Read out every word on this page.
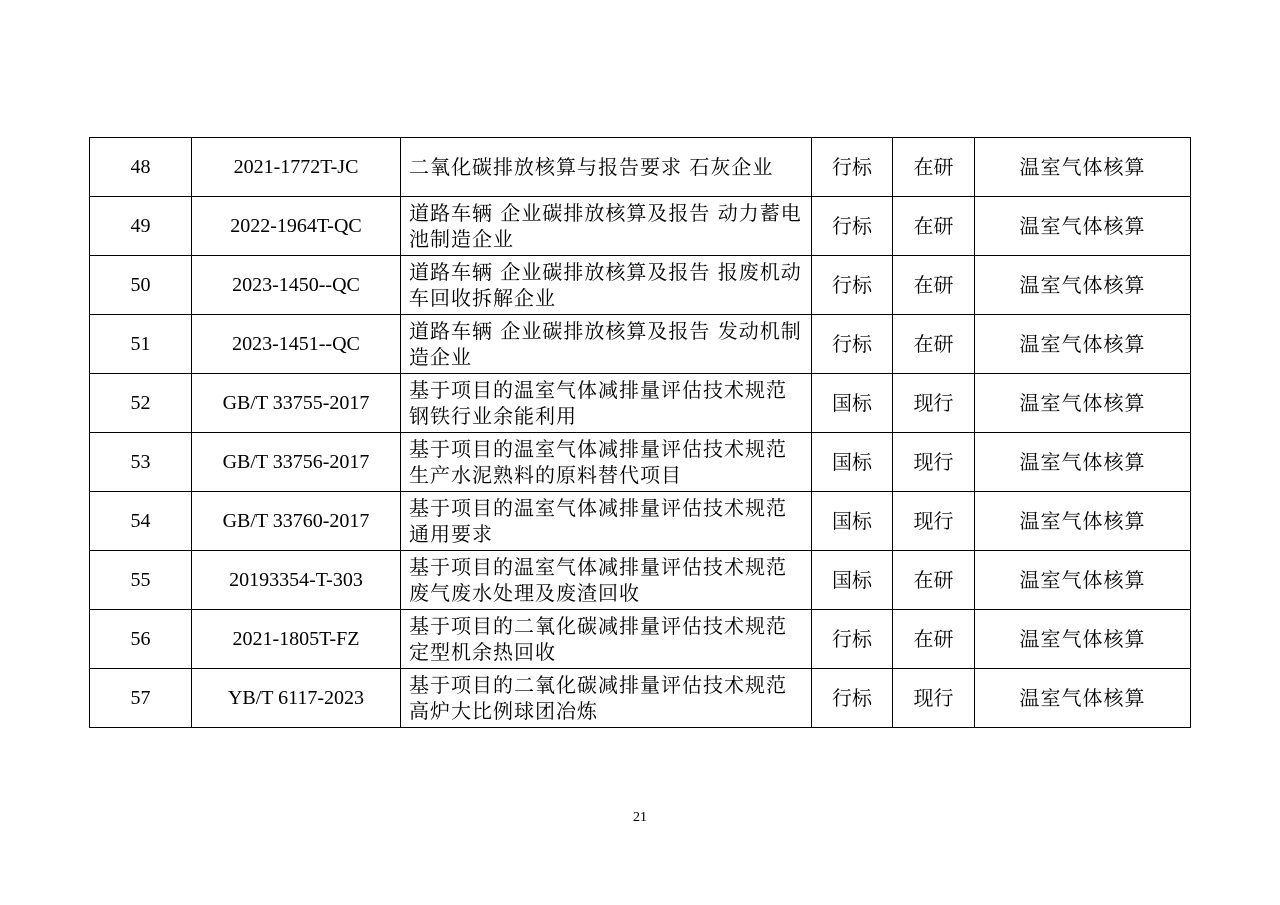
48	2021-1772T-JC	二氧化碳排放核算与报告要求 石灰企业	行标	在研	温室气体核算
49	2022-1964T-QC	道路车辆 企业碳排放核算及报告 动力蓄电池制造企业	行标	在研	温室气体核算
50	2023-1450--QC	道路车辆 企业碳排放核算及报告 报废机动车回收拆解企业	行标	在研	温室气体核算
51	2023-1451--QC	道路车辆 企业碳排放核算及报告 发动机制造企业	行标	在研	温室气体核算
52	GB/T 33755-2017	基于项目的温室气体减排量评估技术规范钢铁行业余能利用	国标	现行	温室气体核算
53	GB/T 33756-2017	基于项目的温室气体减排量评估技术规范生产水泥熟料的原料替代项目	国标	现行	温室气体核算
54	GB/T 33760-2017	基于项目的温室气体减排量评估技术规范通用要求	国标	现行	温室气体核算
55	20193354-T-303	基于项目的温室气体减排量评估技术规范废气废水处理及废渣回收	国标	在研	温室气体核算
56	2021-1805T-FZ	基于项目的二氧化碳减排量评估技术规范定型机余热回收	行标	在研	温室气体核算
57	YB/T 6117-2023	基于项目的二氧化碳减排量评估技术规范高炉大比例球团冶炼	行标	现行	温室气体核算
21
